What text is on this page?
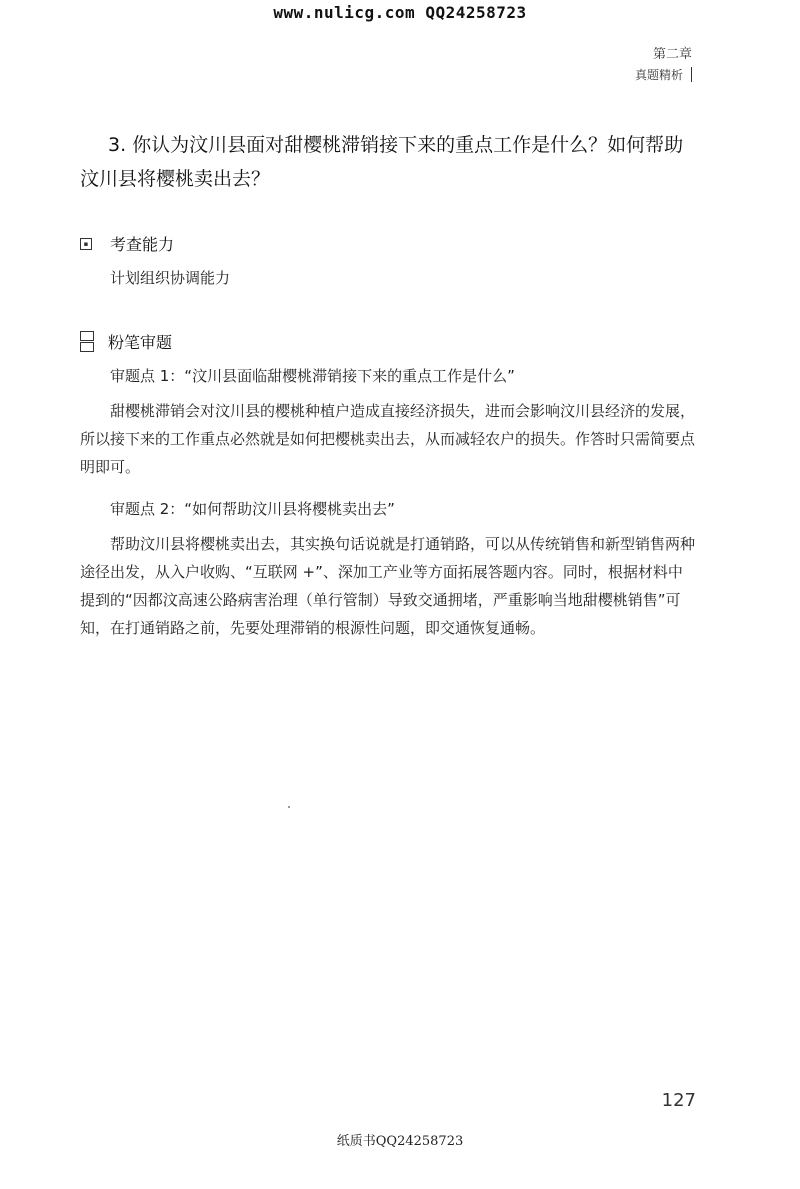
www.nulicg.com QQ24258723
第二章
真题精析
3. 你认为汶川县面对甜樱桃滞销接下来的重点工作是什么？如何帮助汶川县将樱桃卖出去？
▪ 考查能力
计划组织协调能力
粉笔审题
审题点 1：“汶川县面临甜樱桃滞销接下来的重点工作是什么”
甜樱桃滞销会对汶川县的樱桃种植户造成直接经济损失，进而会影响汶川县经济的发展，所以接下来的工作重点必然就是如何把樱桃卖出去，从而减轻农户的损失。作答时只需简要点明即可。
审题点 2：“如何帮助汶川县将樱桃卖出去”
帮助汶川县将樱桃卖出去，其实换句话说就是打通销路，可以从传统销售和新型销售两种途径出发，从入户收购、“互联网 +”、深加工产业等方面拓展答题内容。同时，根据材料中提到的“因都汶高速公路病害治理（单行管制）导致交通拥堵，严重影响当地甜樱桃销售”可知，在打通销路之前，先要处理滞销的根源性问题，即交通恢复通畅。
127
纸质书QQ24258723
